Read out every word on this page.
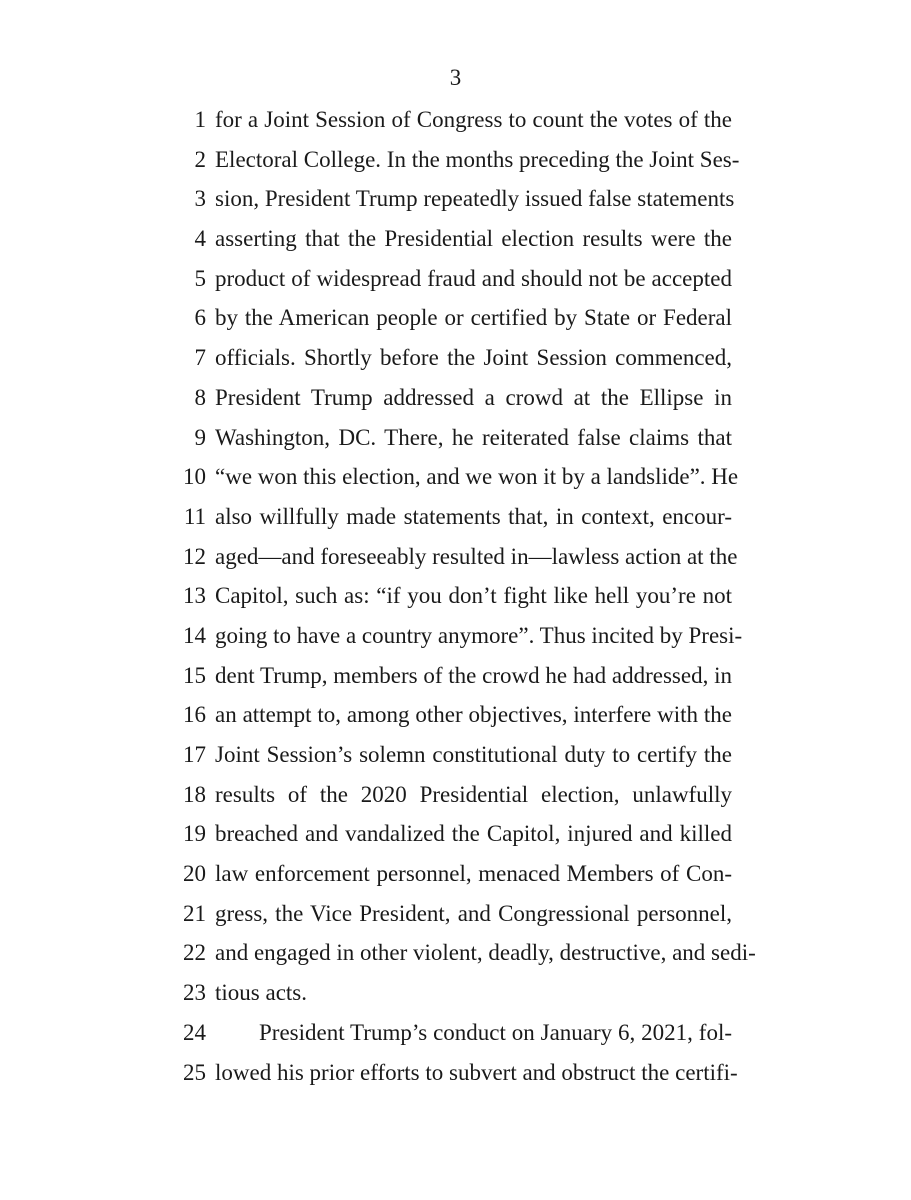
3
1 for a Joint Session of Congress to count the votes of the
2 Electoral College. In the months preceding the Joint Ses-
3 sion, President Trump repeatedly issued false statements
4 asserting that the Presidential election results were the
5 product of widespread fraud and should not be accepted
6 by the American people or certified by State or Federal
7 officials. Shortly before the Joint Session commenced,
8 President Trump addressed a crowd at the Ellipse in
9 Washington, DC. There, he reiterated false claims that
10 “we won this election, and we won it by a landslide”. He
11 also willfully made statements that, in context, encour-
12 aged—and foreseeably resulted in—lawless action at the
13 Capitol, such as: “if you don’t fight like hell you’re not
14 going to have a country anymore”. Thus incited by Presi-
15 dent Trump, members of the crowd he had addressed, in
16 an attempt to, among other objectives, interfere with the
17 Joint Session’s solemn constitutional duty to certify the
18 results of the 2020 Presidential election, unlawfully
19 breached and vandalized the Capitol, injured and killed
20 law enforcement personnel, menaced Members of Con-
21 gress, the Vice President, and Congressional personnel,
22 and engaged in other violent, deadly, destructive, and sedi-
23 tious acts.
24 President Trump’s conduct on January 6, 2021, fol-
25 lowed his prior efforts to subvert and obstruct the certifi-
